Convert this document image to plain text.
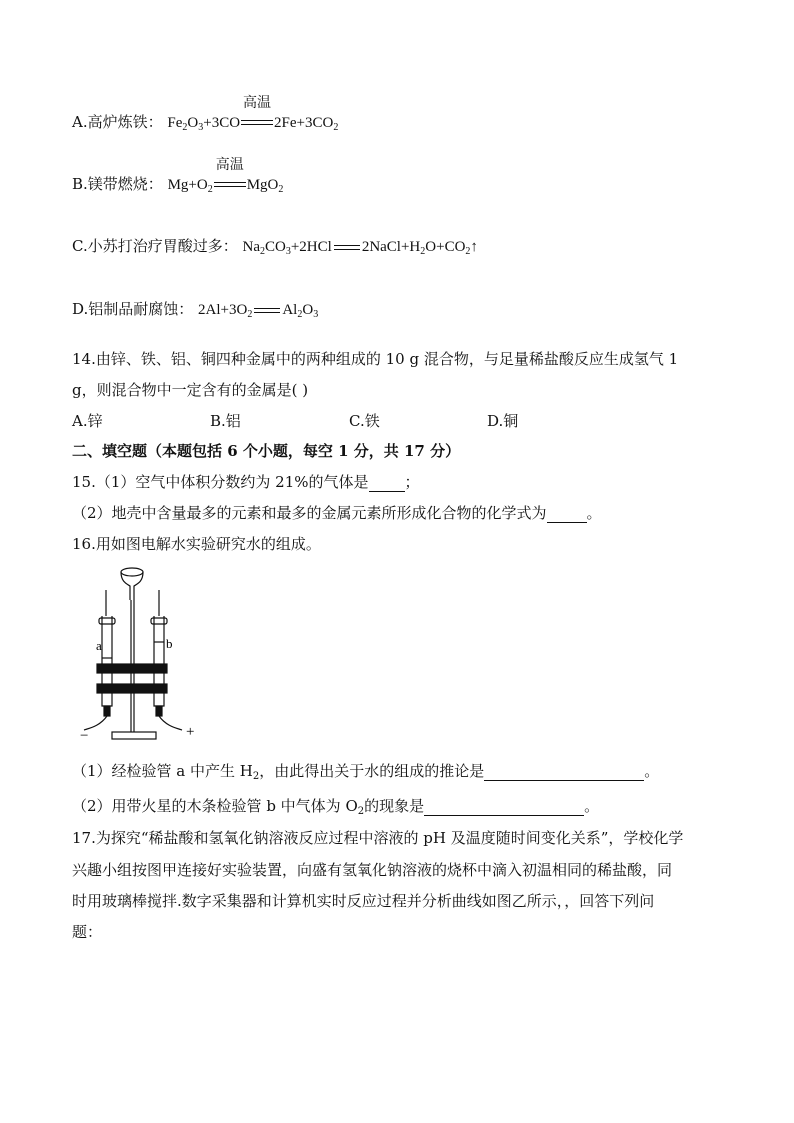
A.高炉炼铁： $Fe_2O_3+3CO$
高温
$2Fe+3CO_2$
B.镁带燃烧： $Mg+O_2$
高温
MgO$_2$
C.小苏打治疗胃酸过多： $Na_2CO_3+2HCl$ $2NaCl+H_2O+CO_2↑$
D.铝制品耐腐蚀： $2Al+3O_2$ $Al_2O_3$
14.由锌、铁、铝、铜四种金属中的两种组成的 10 g 混合物，与足量稀盐酸反应生成氢气 1
g，则混合物中一定含有的金属是( )
A.锌	B.铝	C.铁	D.铜
二、填空题（本题包括 6 个小题，每空 1 分，共 17 分）
15.（1）空气中体积分数约为 21%的气体是 ；
（2）地壳中含量最多的元素和最多的金属元素所形成化合物的化学式为	。
16.用如图电解水实验研究水的组成。
a	b
−	+
（1）经检验管 a 中产生 $H_2$，由此得出关于水的组成的推论是	。
（2）用带火星的木条检验管 b 中气体为 $O_2$的现象是	。
17.为探究“稀盐酸和氢氧化钠溶液反应过程中溶液的 pH 及温度随时间变化关系”，学校化学
兴趣小组按图甲连接好实验装置，向盛有氢氧化钠溶液的烧杯中滴入初温相同的稀盐酸，同
时用玻璃棒搅拌.数字采集器和计算机实时反应过程并分析曲线如图乙所示，，回答下列问
题：
